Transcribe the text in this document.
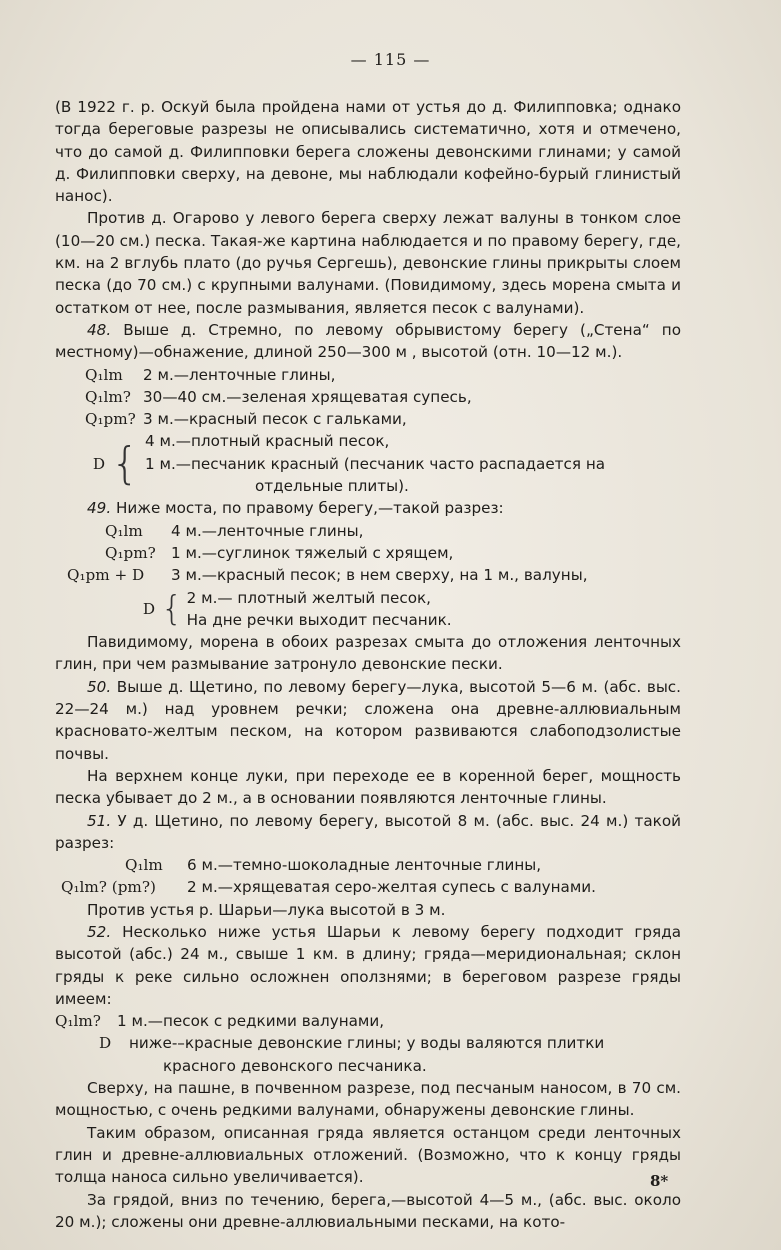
— 115 —

(В 1922 г. р. Оскуй была пройдена нами от устья до д. Филипповка; однако тогда береговые разрезы не описывались систематично, хотя и отмечено, что до самой д. Филипповки берега сложены девонскими глинами; у самой д. Филипповки сверху, на девоне, мы наблюдали кофейно-бурый глинистый нанос).

Против д. Огарово у левого берега сверху лежат валуны в тонком слое (10—20 см.) песка. Такая-же картина наблюдается и по правому берегу, где, км. на 2 вглубь плато (до ручья Сергешь), девонские глины прикрыты слоем песка (до 70 см.) с крупными валунами. (Повидимому, здесь морена смыта и остатком от нее, после размывания, является песок с валунами).

48. Выше д. Стремно, по левому обрывистому берегу („Стена“ по местному)—обнажение, длиной 250—300 м , высотой (отн. 10—12 м.).

Q₁lm	2 м.—ленточные глины,
Q₁lm? 30—40 см.—зеленая хрящеватая супесь,
Q₁pm? 3 м.—красный песок с гальками,
D { 4 м.—плотный красный песок,
1 м.—песчаник красный (песчаник часто распадается на
отдельные плиты).

49. Ниже моста, по правому берегу,—такой разрез:

Q₁lm	4 м.—ленточные глины,
Q₁pm? 1 м.—суглинок тяжелый с хрящем,
Q₁pm + D	3 м.—красный песок; в нем сверху, на 1 м., валуны,
D { 2 м.— плотный желтый песок,
На дне речки выходит песчаник.

Павидимому, морена в обоих разрезах смыта до отложения ленточных глин, при чем размывание затронуло девонские пески.

50. Выше д. Щетино, по левому берегу—лука, высотой 5—6 м. (абс. выс. 22—24 м.) над уровнем речки; сложена она древне-аллювиальным красновато-желтым песком, на котором развиваются слабоподзолистые почвы.

На верхнем конце луки, при переходе ее в коренной берег, мощность песка убывает до 2 м., а в основании появляются ленточные глины.

51. У д. Щетино, по левому берегу, высотой 8 м. (абс. выс. 24 м.) такой разрез:

Q₁lm	6 м.—темно-шоколадные ленточные глины,
Q₁lm? (pm?)	2 м.—хрящеватая серо-желтая супесь с валунами.

Против устья р. Шарьи—лука высотой в 3 м.

52. Несколько ниже устья Шарьи к левому берегу подходит гряда высотой (абс.) 24 м., свыше 1 км. в длину; гряда—меридиональная; склон гряды к реке сильно осложнен оползнями; в береговом разрезе гряды имеем:

Q₁lm?	1 м.—песок с редкими валунами,
D	ниже-–красные девонские глины; у воды валяются плитки
красного девонского песчаника.

Сверху, на пашне, в почвенном разрезе, под песчаным наносом, в 70 см. мощностью, с очень редкими валунами, обнаружены девонские глины.

Таким образом, описанная гряда является останцом среди ленточных глин и древне-аллювиальных отложений. (Возможно, что к концу гряды толща наноса сильно увеличивается).

За грядой, вниз по течению, берега,—высотой 4—5 м., (абс. выс. около 20 м.); сложены они древне-аллювиальными песками, на кото-

8*
